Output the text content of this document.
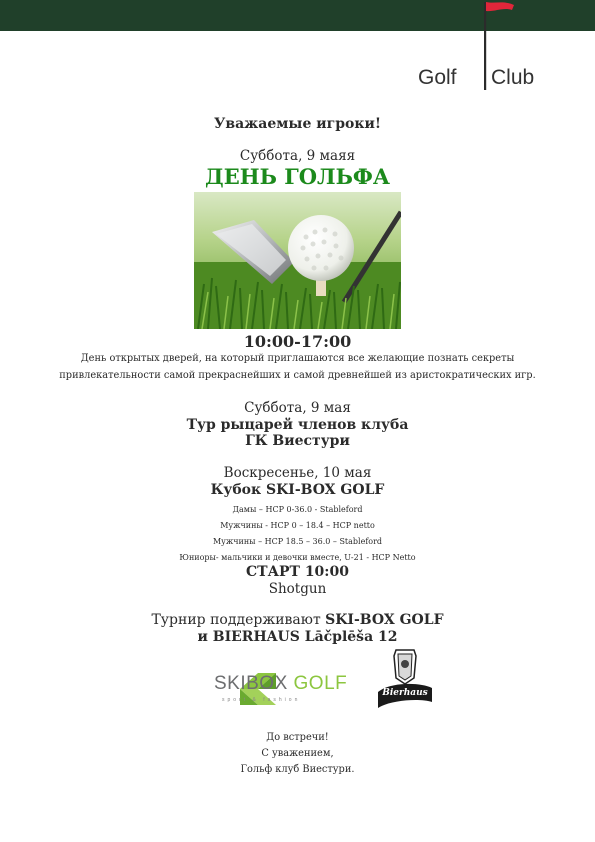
Golf Club
Уважаемые игроки!
Суббота, 9 маяя
ДЕНЬ ГОЛЬФА
10:00-17:00
День открытых дверей, на который приглашаются все желающие познать секреты
привлекательности самой прекраснейших и самой древнейшей из аристократических игр.
Суббота, 9 мая
Тур рыцарей членов клуба
ГК Виестури
Воскресенье, 10 мая
Кубок SKI-BOX GOLF
Дамы – HCP 0-36.0 - Stableford
Мужчины - HCP 0 – 18.4 – HCP netto
Мужчины – HCP 18.5 – 36.0 – Stableford
Юниоры- мальчики и девочки вместе, U-21 - HCP Netto
СТАРТ 10:00
Shotgun
Турнир поддерживают SKI-BOX GOLF
и BIERHAUS Lāčplēša 12
SKIBOX GOLF
sport & fashion
Bierhaus
До встречи!
С уважением,
Гольф клуб Виестури.
